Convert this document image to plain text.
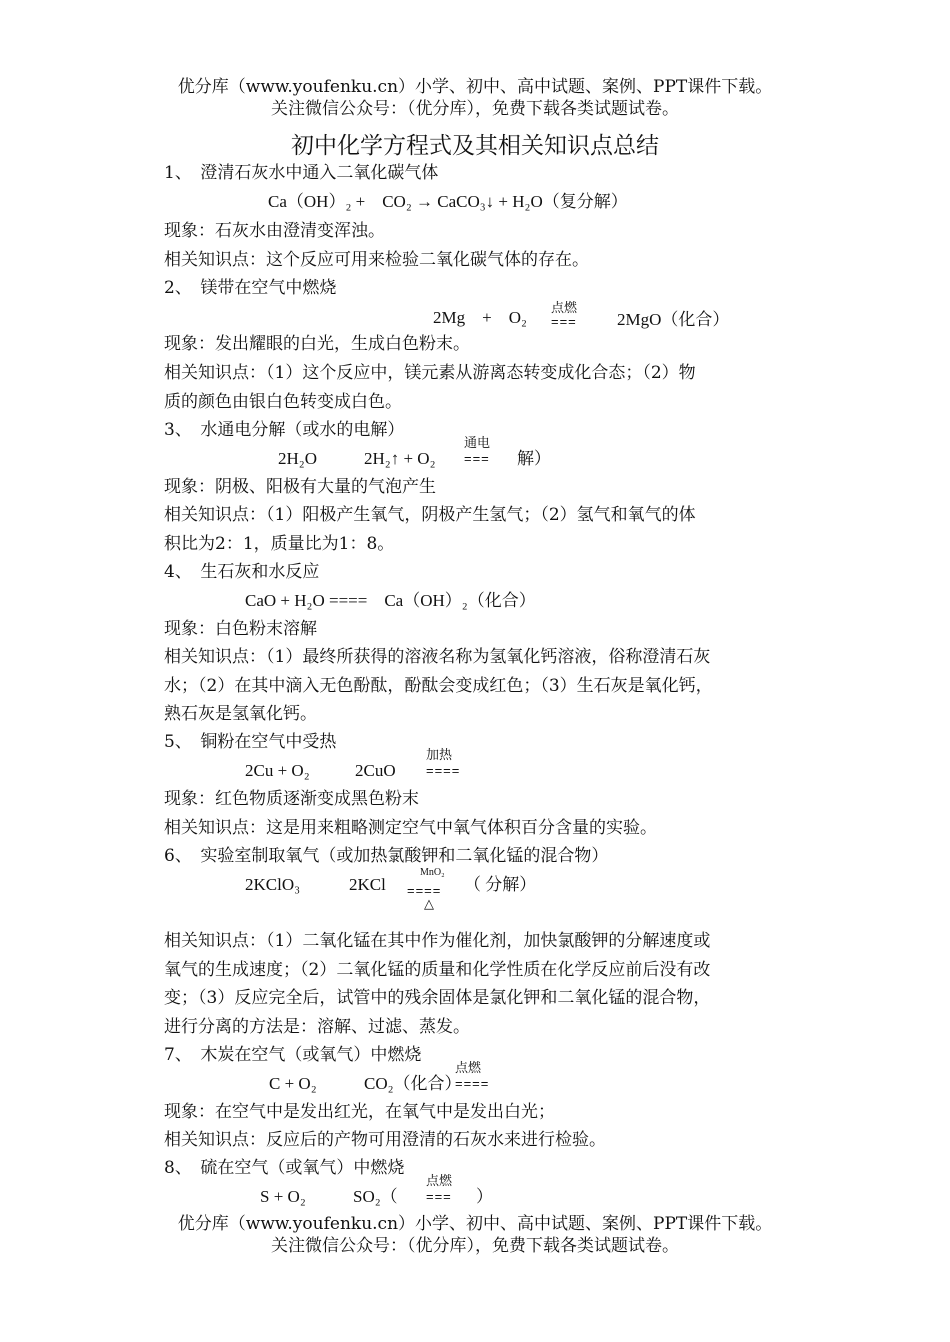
优分库（www.youfenku.cn）小学、初中、高中试题、案例、PPT课件下载。
关注微信公众号：（优分库），免费下载各类试题试卷。
初中化学方程式及其相关知识点总结
1、　澄清石灰水中通入二氧化碳气体
Ca（OH）₂ +　CO₂ → CaCO₃↓ + H₂O（复分解）
现象：石灰水由澄清变浑浊。
相关知识点：这个反应可用来检验二氧化碳气体的存在。
2、　镁带在空气中燃烧
2Mg　+　O₂
点燃
=== 2MgO（化合）
现象：发出耀眼的白光，生成白色粉末。
相关知识点：（1）这个反应中，镁元素从游离态转变成化合态；（2）物
质的颜色由银白色转变成白色。
3、　水通电分解（或水的电解）
通电
2H₂O	2H₂↑ + O₂ === 解）
现象：阴极、阳极有大量的气泡产生
相关知识点：（1）阳极产生氧气，阴极产生氢气；（2）氢气和氧气的体
积比为2：1，质量比为1：8。
4、　生石灰和水反应
CaO + H₂O ====　Ca（OH）₂（化合）
现象：白色粉末溶解
相关知识点：（1）最终所获得的溶液名称为氢氧化钙溶液，俗称澄清石灰
水；（2）在其中滴入无色酚酞，酚酞会变成红色；（3）生石灰是氧化钙，
熟石灰是氢氧化钙。
5、　铜粉在空气中受热
加热
2Cu + O₂	2CuO ====
现象：红色物质逐渐变成黑色粉末
相关知识点：这是用来粗略测定空气中氧气体积百分含量的实验。
6、　实验室制取氧气（或加热氯酸钾和二氧化锰的混合物）
MnO₂
2KClO₃	2KCl ====
△
（ 分解）
相关知识点：（1）二氧化锰在其中作为催化剂，加快氯酸钾的分解速度或
氧气的生成速度；（2）二氧化锰的质量和化学性质在化学反应前后没有改
变；（3）反应完全后，试管中的残余固体是氯化钾和二氧化锰的混合物，
进行分离的方法是：溶解、过滤、蒸发。
7、　木炭在空气（或氧气）中燃烧
点燃
C + O₂	CO₂（化合）
====
现象：在空气中是发出红光，在氧气中是发出白光；
相关知识点：反应后的产物可用澄清的石灰水来进行检验。
8、　硫在空气（或氧气）中燃烧
点燃
S + O₂	SO₂（ === ）
优分库（www.youfenku.cn）小学、初中、高中试题、案例、PPT课件下载。
关注微信公众号：（优分库），免费下载各类试题试卷。
